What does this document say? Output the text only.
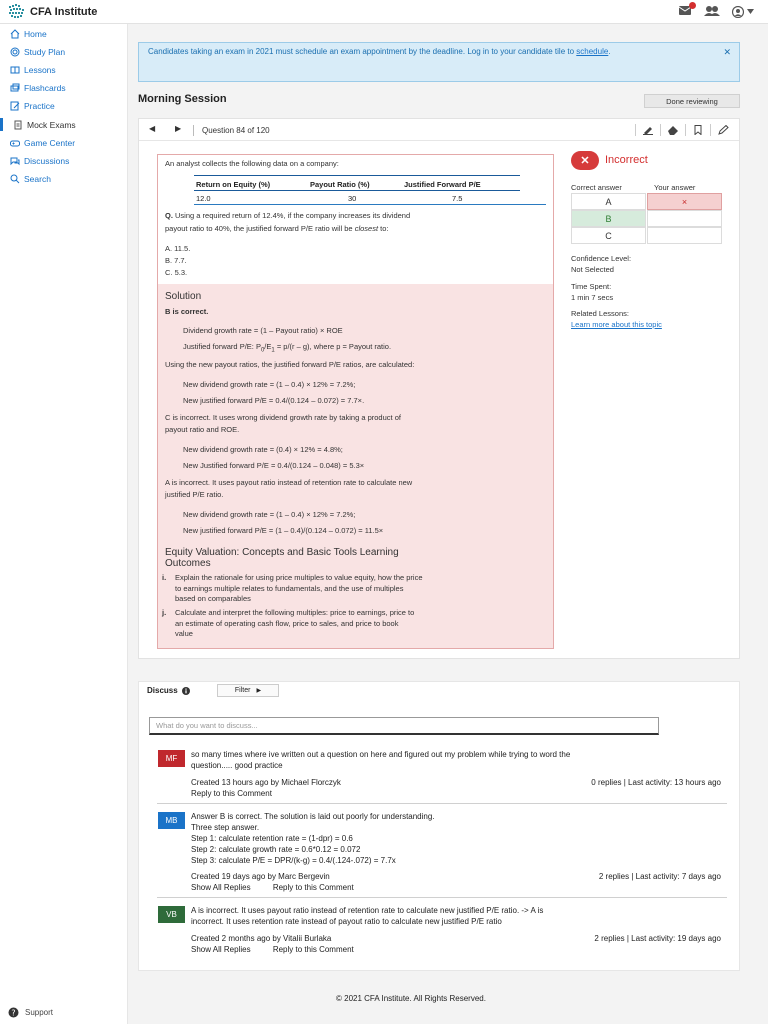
CFA Institute
Home
Study Plan
Lessons
Flashcards
Practice
Mock Exams
Game Center
Discussions
Search
? Support
Candidates taking an exam in 2021 must schedule an exam appointment by the deadline. Log in to your candidate tile to schedule.	✕
Morning Session	Done reviewing
◀ ▶	Question 84 of 120
An analyst collects the following data on a company:
Return on Equity (%)	Payout Ratio (%)	Justified Forward P/E
12.0	30	7.5
Q. Using a required return of 12.4%, if the company increases its dividend
payout ratio to 40%, the justified forward P/E ratio will be closest to:
A. 11.5.
B. 7.7.
C. 5.3.
Solution
B is correct.
Dividend growth rate = (1 – Payout ratio) × ROE
Justified forward P/E: $P_0/E_1 = p/(r - g)$, where p = Payout ratio.
Using the new payout ratios, the justified forward P/E ratios, are calculated:
New dividend growth rate = (1 – 0.4) × 12% = 7.2%;
New justified forward P/E = 0.4/(0.124 – 0.072) = 7.7×.
C is incorrect. It uses wrong dividend growth rate by taking a product of
payout ratio and ROE.
New dividend growth rate = (0.4) × 12% = 4.8%;
New Justified forward P/E = 0.4/(0.124 – 0.048) = 5.3×
A is incorrect. It uses payout ratio instead of retention rate to calculate new
justified P/E ratio.
New dividend growth rate = (1 – 0.4) × 12% = 7.2%;
New justified forward P/E = (1 – 0.4)/(0.124 – 0.072) = 11.5×
Equity Valuation: Concepts and Basic Tools Learning
Outcomes
i. Explain the rationale for using price multiples to value equity, how the price
to earnings multiple relates to fundamentals, and the use of multiples
based on comparables
j. Calculate and interpret the following multiples: price to earnings, price to
an estimate of operating cash flow, price to sales, and price to book
value
✕	Incorrect
Correct answer	Your answer
A	×
B
C
Confidence Level:
Not Selected
Time Spent:
1 min 7 secs
Related Lessons:
Learn more about this topic
Discuss	Filter ▶
What do you want to discuss...
MF	so many times where ive written out a question on here and figured out my problem while trying to word the
question..... good practice
Created 13 hours ago by Michael Florczyk	0 replies | Last activity: 13 hours ago
Reply to this Comment
MB	Answer B is correct. The solution is laid out poorly for understanding.
Three step answer.
Step 1: calculate retention rate = (1-dpr) = 0.6
Step 2: calculate growth rate = 0.6*0.12 = 0.072
Step 3: calculate P/E = DPR/(k-g) = 0.4/(.124-.072) = 7.7x
Created 19 days ago by Marc Bergevin	2 replies | Last activity: 7 days ago
Show All Replies	Reply to this Comment
VB	A is incorrect. It uses payout ratio instead of retention rate to calculate new justified P/E ratio. -> A is
incorrect. It uses retention rate instead of payout ratio to calculate new justified P/E ratio
Created 2 months ago by Vitalii Burlaka	2 replies | Last activity: 19 days ago
Show All Replies	Reply to this Comment
© 2021 CFA Institute. All Rights Reserved.
